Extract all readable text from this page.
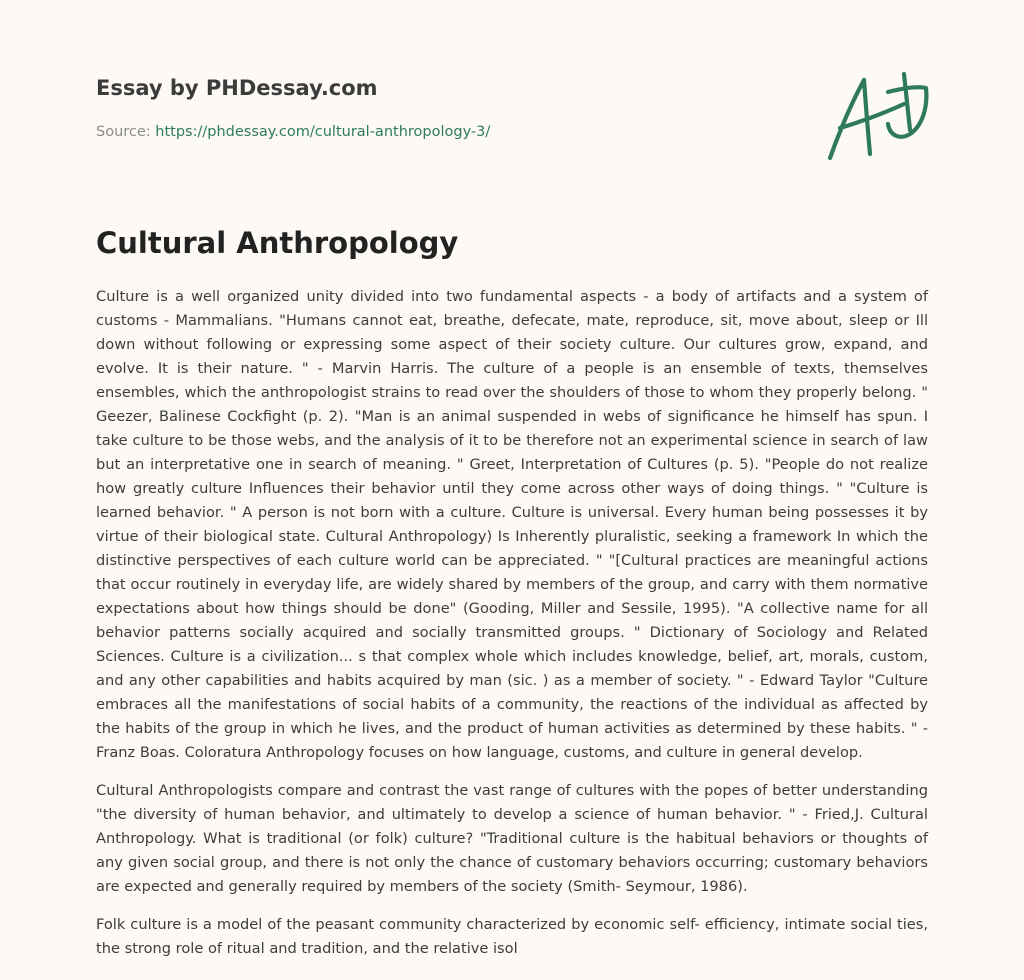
Essay by PHDessay.com
Source: https://phdessay.com/cultural-anthropology-3/
Cultural Anthropology

Culture is a well organized unity divided into two fundamental aspects - a body of artifacts and a system of customs - Mammalians. "Humans cannot eat, breathe, defecate, mate, reproduce, sit, move about, sleep or Ill down without following or expressing some aspect of their society culture. Our cultures grow, expand, and evolve. It is their nature. " - Marvin Harris. The culture of a people is an ensemble of texts, themselves ensembles, which the anthropologist strains to read over the shoulders of those to whom they properly belong. " Geezer, Balinese Cockfight (p. 2). "Man is an animal suspended in webs of significance he himself has spun. I take culture to be those webs, and the analysis of it to be therefore not an experimental science in search of law but an interpretative one in search of meaning. " Greet, Interpretation of Cultures (p. 5). "People do not realize how greatly culture Influences their behavior until they come across other ways of doing things. " "Culture is learned behavior. " A person is not born with a culture. Culture is universal. Every human being possesses it by virtue of their biological state. Cultural Anthropology) Is Inherently pluralistic, seeking a framework In which the distinctive perspectives of each culture world can be appreciated. " "[Cultural practices are meaningful actions that occur routinely in everyday life, are widely shared by members of the group, and carry with them normative expectations about how things should be done" (Gooding, Miller and Sessile, 1995). "A collective name for all behavior patterns socially acquired and socially transmitted groups. " Dictionary of Sociology and Related Sciences. Culture is a civilization... s that complex whole which includes knowledge, belief, art, morals, custom, and any other capabilities and habits acquired by man (sic. ) as a member of society. " - Edward Taylor "Culture embraces all the manifestations of social habits of a community, the reactions of the individual as affected by the habits of the group in which he lives, and the product of human activities as determined by these habits. " -Franz Boas. Coloratura Anthropology focuses on how language, customs, and culture in general develop.

Cultural Anthropologists compare and contrast the vast range of cultures with the popes of better understanding "the diversity of human behavior, and ultimately to develop a science of human behavior. " - Fried,J. Cultural Anthropology. What is traditional (or folk) culture? "Traditional culture is the habitual behaviors or thoughts of any given social group, and there is not only the chance of customary behaviors occurring; customary behaviors are expected and generally required by members of the society (Smith- Seymour, 1986).

Folk culture is a model of the peasant community characterized by economic self- efficiency, intimate social ties, the strong role of ritual and tradition, and the relative isol
